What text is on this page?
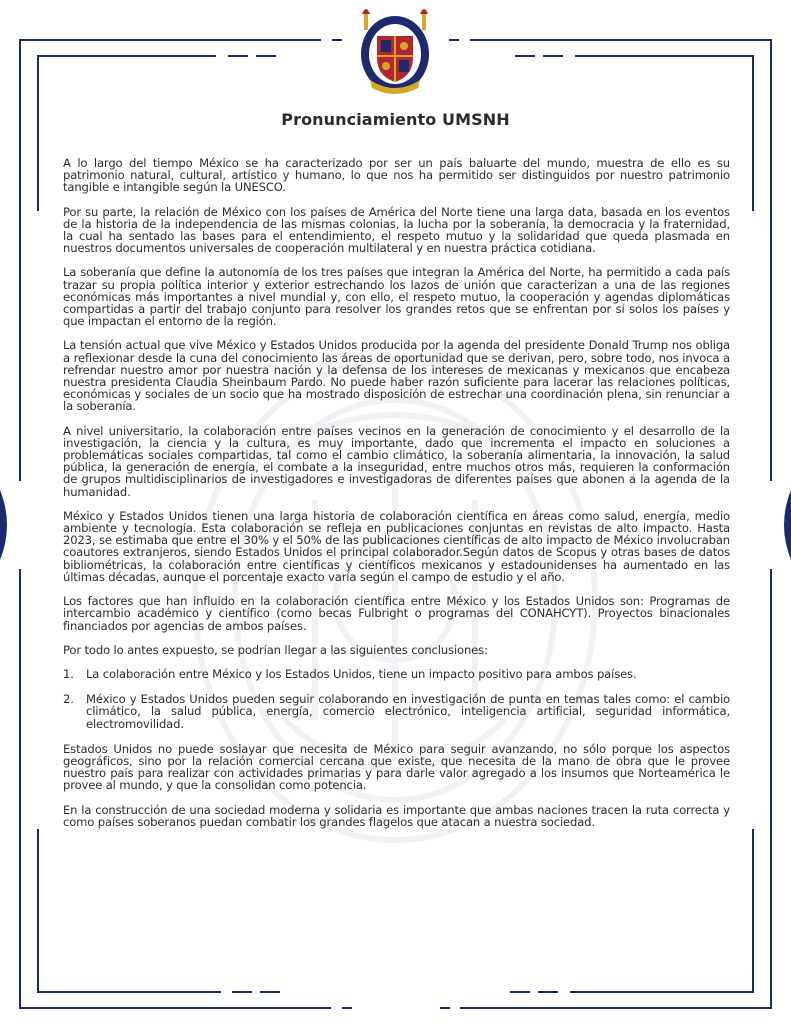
Pronunciamiento UMSNH

A lo largo del tiempo México se ha caracterizado por ser un país baluarte del mundo, muestra de ello es su patrimonio natural, cultural, artístico y humano, lo que nos ha permitido ser distinguidos por nuestro patrimonio tangible e intangible según la UNESCO.

Por su parte, la relación de México con los países de América del Norte tiene una larga data, basada en los eventos de la historia de la independencia de las mismas colonias, la lucha por la soberanía, la democracia y la fraternidad, la cual ha sentado las bases para el entendimiento, el respeto mutuo y la solidaridad que queda plasmada en nuestros documentos universales de cooperación multilateral y en nuestra práctica cotidiana.

La soberanía que define la autonomía de los tres países que integran la América del Norte, ha permitido a cada país trazar su propia política interior y exterior estrechando los lazos de unión que caracterizan a una de las regiones económicas más importantes a nivel mundial y, con ello, el respeto mutuo, la cooperación y agendas diplomáticas compartidas a partir del trabajo conjunto para resolver los grandes retos que se enfrentan por sí solos los países y que impactan el entorno de la región.

La tensión actual que vive México y Estados Unidos producida por la agenda del presidente Donald Trump nos obliga a reflexionar desde la cuna del conocimiento las áreas de oportunidad que se derivan, pero, sobre todo, nos invoca a refrendar nuestro amor por nuestra nación y la defensa de los intereses de mexicanas y mexicanos que encabeza nuestra presidenta Claudia Sheinbaum Pardo. No puede haber razón suficiente para lacerar las relaciones políticas, económicas y sociales de un socio que ha mostrado disposición de estrechar una coordinación plena, sin renunciar a la soberanía.

A nivel universitario, la colaboración entre países vecinos en la generación de conocimiento y el desarrollo de la investigación, la ciencia y la cultura, es muy importante, dado que incrementa el impacto en soluciones a problemáticas sociales compartidas, tal como el cambio climático, la soberanía alimentaria, la innovación, la salud pública, la generación de energía, el combate a la inseguridad, entre muchos otros más, requieren la conformación de grupos multidisciplinarios de investigadores e investigadoras de diferentes países que abonen a la agenda de la humanidad.

México y Estados Unidos tienen una larga historia de colaboración científica en áreas como salud, energía, medio ambiente y tecnología. Esta colaboración se refleja en publicaciones conjuntas en revistas de alto impacto. Hasta 2023, se estimaba que entre el 30% y el 50% de las publicaciones científicas de alto impacto de México involucraban coautores extranjeros, siendo Estados Unidos el principal colaborador.Según datos de Scopus y otras bases de datos bibliométricas, la colaboración entre científicas y científicos mexicanos y estadounidenses ha aumentado en las últimas décadas, aunque el porcentaje exacto varía según el campo de estudio y el año.

Los factores que han influido en la colaboración científica entre México y los Estados Unidos son: Programas de intercambio académico y científico (como becas Fulbright o programas del CONAHCYT). Proyectos binacionales financiados por agencias de ambos países.

Por todo lo antes expuesto, se podrían llegar a las siguientes conclusiones:

1. La colaboración entre México y los Estados Unidos, tiene un impacto positivo para ambos países.
2. México y Estados Unidos pueden seguir colaborando en investigación de punta en temas tales como: el cambio climático, la salud pública, energía, comercio electrónico, inteligencia artificial, seguridad informática, electromovilidad.

Estados Unidos no puede soslayar que necesita de México para seguir avanzando, no sólo porque los aspectos geográficos, sino por la relación comercial cercana que existe, que necesita de la mano de obra que le provee nuestro país para realizar con actividades primarias y para darle valor agregado a los insumos que Norteamérica le provee al mundo, y que la consolidan como potencia.

En la construcción de una sociedad moderna y solidaria es importante que ambas naciones tracen la ruta correcta y como países soberanos puedan combatir los grandes flagelos que atacan a nuestra sociedad.
